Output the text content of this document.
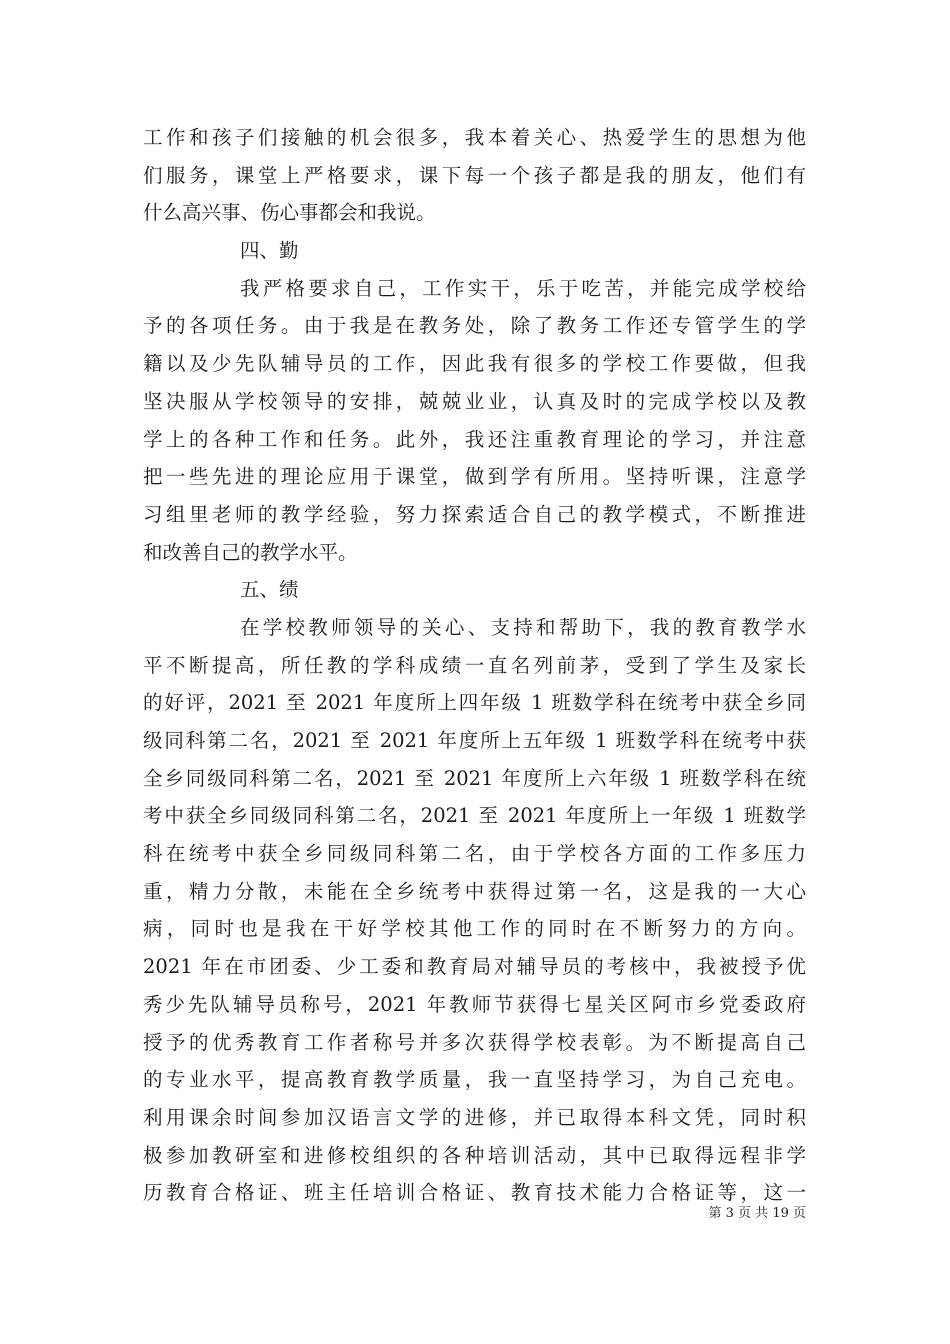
工作和孩子们接触的机会很多，我本着关心、热爱学生的思想为他
们服务，课堂上严格要求，课下每一个孩子都是我的朋友，他们有
什么高兴事、伤心事都会和我说。
四、勤
我严格要求自己，工作实干，乐于吃苦，并能完成学校给
予的各项任务。由于我是在教务处，除了教务工作还专管学生的学
籍以及少先队辅导员的工作，因此我有很多的学校工作要做，但我
坚决服从学校领导的安排，兢兢业业，认真及时的完成学校以及教
学上的各种工作和任务。此外，我还注重教育理论的学习，并注意
把一些先进的理论应用于课堂，做到学有所用。坚持听课，注意学
习组里老师的教学经验，努力探索适合自己的教学模式，不断推进
和改善自己的教学水平。
五、绩
在学校教师领导的关心、支持和帮助下，我的教育教学水
平不断提高，所任教的学科成绩一直名列前茅，受到了学生及家长
的好评，2021 至 2021 年度所上四年级 1 班数学科在统考中获全乡同
级同科第二名，2021 至 2021 年度所上五年级 1 班数学科在统考中获
全乡同级同科第二名，2021 至 2021 年度所上六年级 1 班数学科在统
考中获全乡同级同科第二名，2021 至 2021 年度所上一年级 1 班数学
科在统考中获全乡同级同科第二名，由于学校各方面的工作多压力
重，精力分散，未能在全乡统考中获得过第一名，这是我的一大心
病，同时也是我在干好学校其他工作的同时在不断努力的方向。
2021 年在市团委、少工委和教育局对辅导员的考核中，我被授予优
秀少先队辅导员称号，2021 年教师节获得七星关区阿市乡党委政府
授予的优秀教育工作者称号并多次获得学校表彰。为不断提高自己
的专业水平，提高教育教学质量，我一直坚持学习，为自己充电。
利用课余时间参加汉语言文学的进修，并已取得本科文凭，同时积
极参加教研室和进修校组织的各种培训活动，其中已取得远程非学
历教育合格证、班主任培训合格证、教育技术能力合格证等，这一
第 3 页 共 19 页
